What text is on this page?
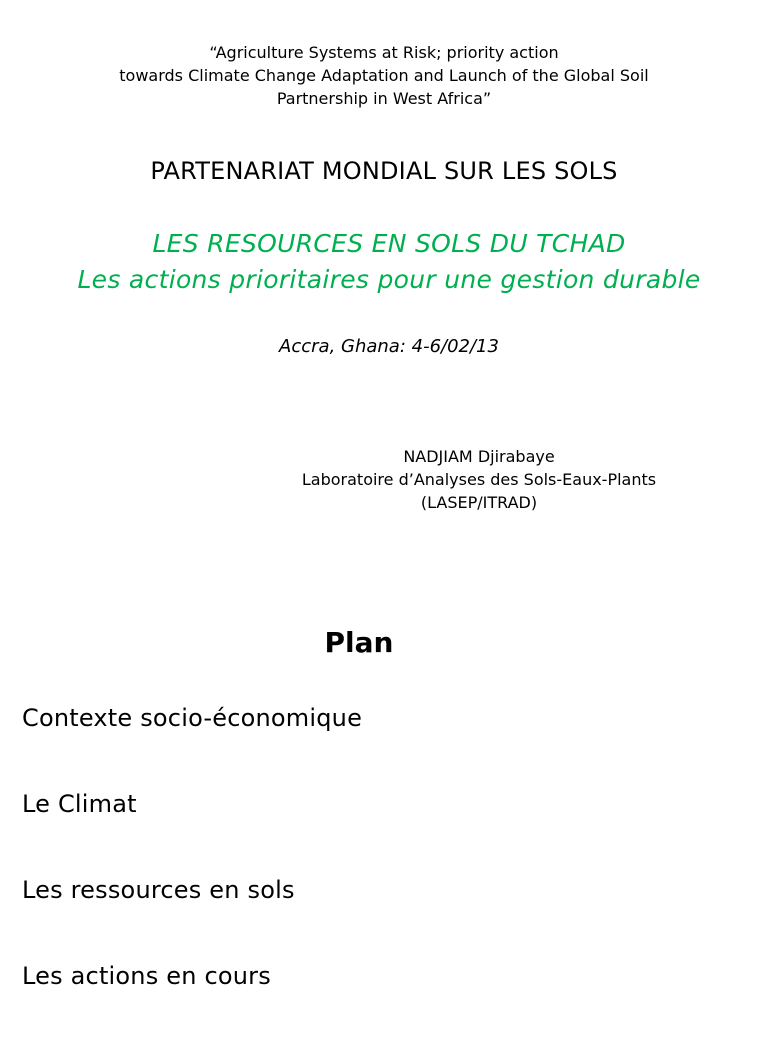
“Agriculture Systems at Risk; priority action
towards Climate Change Adaptation and Launch of the Global Soil
Partnership in West Africa”
PARTENARIAT MONDIAL SUR LES SOLS
LES RESOURCES EN SOLS DU TCHAD
Les actions prioritaires pour une gestion durable
Accra, Ghana: 4-6/02/13
NADJIAM Djirabaye
Laboratoire d’Analyses des Sols-Eaux-Plants
(LASEP/ITRAD)
Plan
Contexte socio-économique
Le Climat
Les ressources en sols
Les actions en cours
